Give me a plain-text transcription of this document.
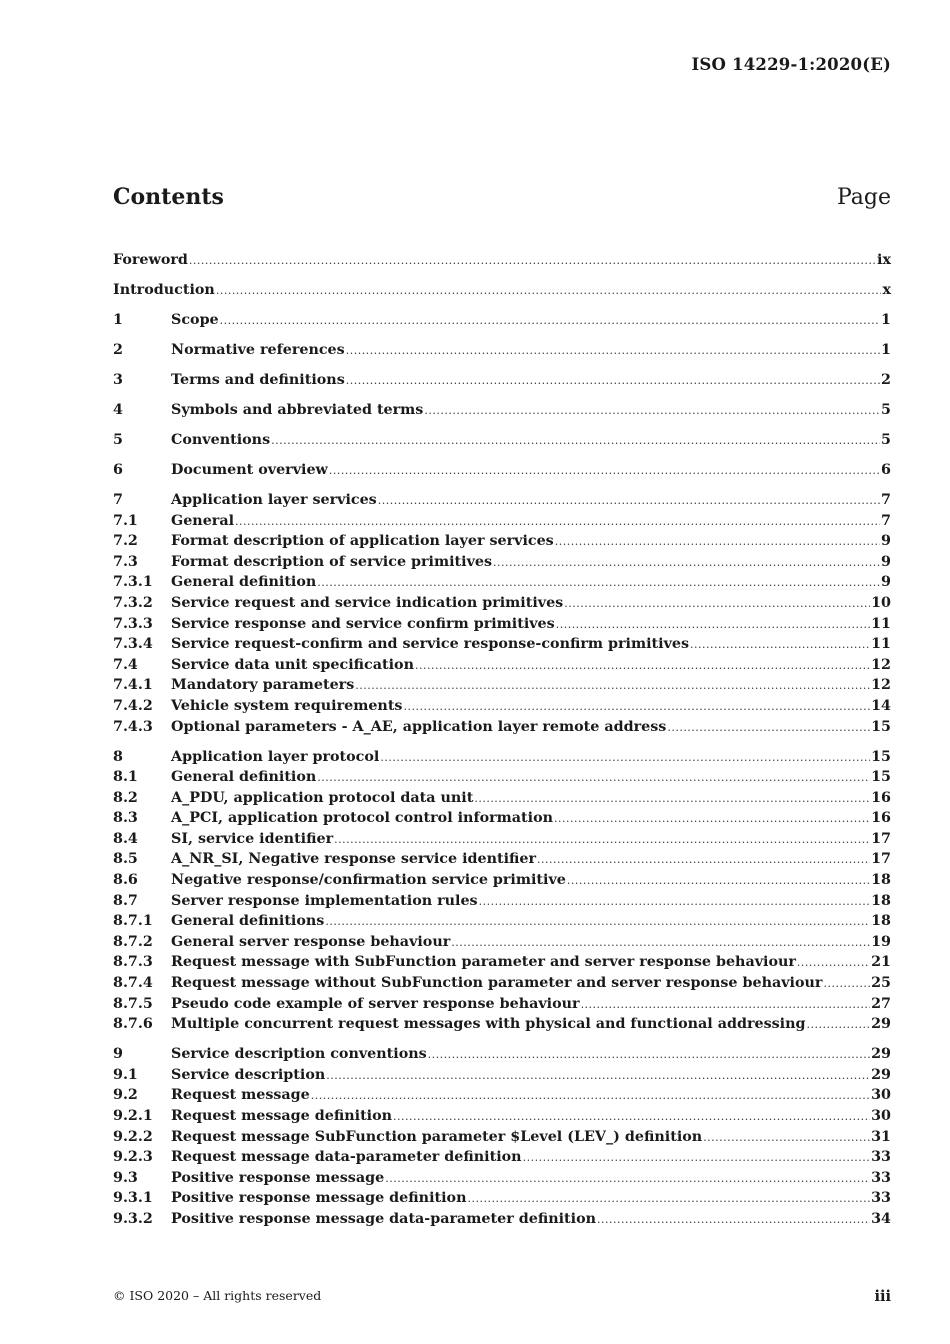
ISO 14229-1:2020(E)
Contents	Page
Foreword .....	ix
Introduction .....	x
1	Scope .....	1
2	Normative references .....	1
3	Terms and definitions .....	2
4	Symbols and abbreviated terms .....	5
5	Conventions .....	5
6	Document overview .....	6
7	Application layer services .....	7
7.1	General .....	7
7.2	Format description of application layer services .....	9
7.3	Format description of service primitives .....	9
7.3.1	General definition .....	9
7.3.2	Service request and service indication primitives .....	10
7.3.3	Service response and service confirm primitives .....	11
7.3.4	Service request-confirm and service response-confirm primitives .....	11
7.4	Service data unit specification .....	12
7.4.1	Mandatory parameters .....	12
7.4.2	Vehicle system requirements .....	14
7.4.3	Optional parameters - A_AE, application layer remote address .....	15
8	Application layer protocol .....	15
8.1	General definition .....	15
8.2	A_PDU, application protocol data unit .....	16
8.3	A_PCI, application protocol control information .....	16
8.4	SI, service identifier .....	17
8.5	A_NR_SI, Negative response service identifier .....	17
8.6	Negative response/confirmation service primitive .....	18
8.7	Server response implementation rules .....	18
8.7.1	General definitions .....	18
8.7.2	General server response behaviour .....	19
8.7.3	Request message with SubFunction parameter and server response behaviour .....	21
8.7.4	Request message without SubFunction parameter and server response behaviour .....	25
8.7.5	Pseudo code example of server response behaviour .....	27
8.7.6	Multiple concurrent request messages with physical and functional addressing .....	29
9	Service description conventions .....	29
9.1	Service description .....	29
9.2	Request message .....	30
9.2.1	Request message definition .....	30
9.2.2	Request message SubFunction parameter $Level (LEV_) definition .....	31
9.2.3	Request message data-parameter definition .....	33
9.3	Positive response message .....	33
9.3.1	Positive response message definition .....	33
9.3.2	Positive response message data-parameter definition .....	34
© ISO 2020 – All rights reserved	iii
